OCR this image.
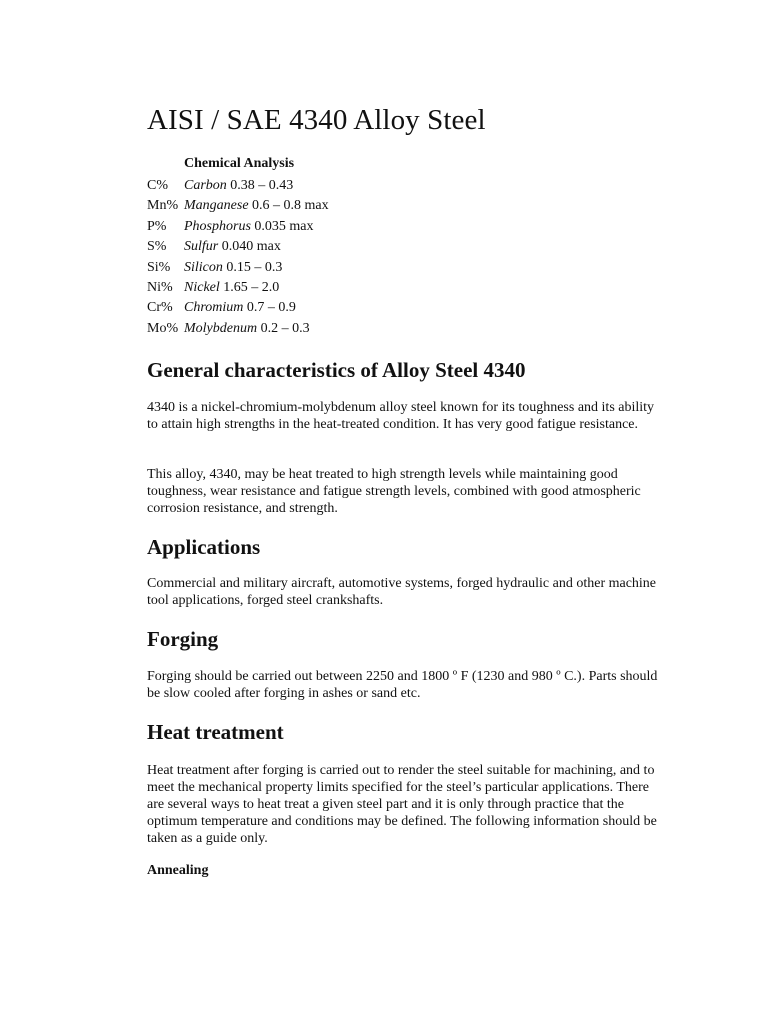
AISI / SAE 4340 Alloy Steel
Chemical Analysis
C% Carbon 0.38 – 0.43
Mn% Manganese 0.6 – 0.8 max
P% Phosphorus 0.035 max
S% Sulfur 0.040 max
Si% Silicon 0.15 – 0.3
Ni% Nickel 1.65 – 2.0
Cr% Chromium 0.7 – 0.9
Mo% Molybdenum 0.2 – 0.3
General characteristics of Alloy Steel 4340

4340 is a nickel-chromium-molybdenum alloy steel known for its toughness and its ability to attain high strengths in the heat-treated condition. It has very good fatigue resistance.

This alloy, 4340, may be heat treated to high strength levels while maintaining good toughness, wear resistance and fatigue strength levels, combined with good atmospheric corrosion resistance, and strength.

Applications

Commercial and military aircraft, automotive systems, forged hydraulic and other machine tool applications, forged steel crankshafts.

Forging

Forging should be carried out between 2250 and 1800 º F (1230 and 980 º C.). Parts should be slow cooled after forging in ashes or sand etc.

Heat treatment

Heat treatment after forging is carried out to render the steel suitable for machining, and to meet the mechanical property limits specified for the steel’s particular applications. There are several ways to heat treat a given steel part and it is only through practice that the optimum temperature and conditions may be defined. The following information should be taken as a guide only.

Annealing
